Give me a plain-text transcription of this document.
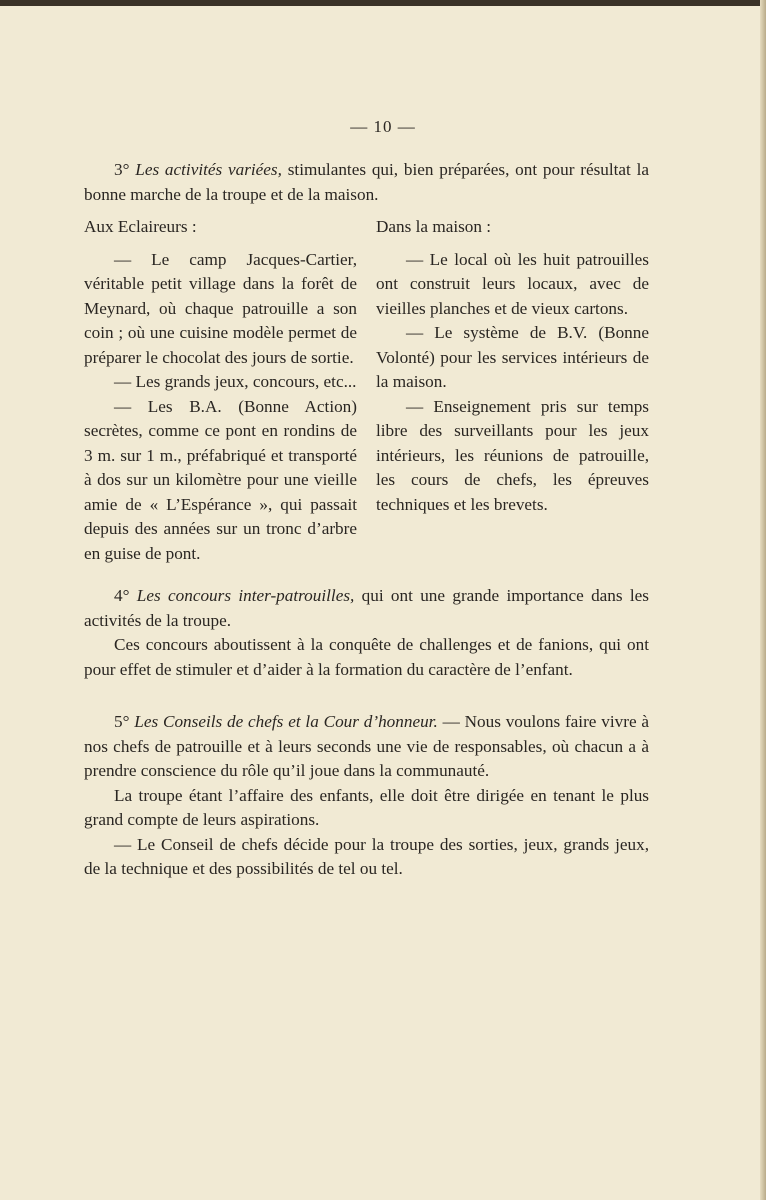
— 10 —

3° Les activités variées, stimulantes qui, bien préparées, ont pour résultat la bonne marche de la troupe et de la maison.

Aux Eclaireurs :

— Le camp Jacques-Cartier, véritable petit village dans la forêt de Meynard, où chaque patrouille a son coin ; où une cuisine modèle permet de préparer le chocolat des jours de sortie.

— Les grands jeux, concours, etc...

— Les B.A. (Bonne Action) secrètes, comme ce pont en rondins de 3 m. sur 1 m., préfabriqué et transporté à dos sur un kilomètre pour une vieille amie de « L’Espérance », qui passait depuis des années sur un tronc d’arbre en guise de pont.

Dans la maison :

— Le local où les huit patrouilles ont construit leurs locaux, avec de vieilles planches et de vieux cartons.

— Le système de B.V. (Bonne Volonté) pour les services intérieurs de la maison.

— Enseignement pris sur temps libre des surveillants pour les jeux intérieurs, les réunions de patrouille, les cours de chefs, les épreuves techniques et les brevets.

4° Les concours inter-patrouilles, qui ont une grande importance dans les activités de la troupe.

Ces concours aboutissent à la conquête de challenges et de fanions, qui ont pour effet de stimuler et d’aider à la formation du caractère de l’enfant.

5° Les Conseils de chefs et la Cour d’honneur. — Nous voulons faire vivre à nos chefs de patrouille et à leurs seconds une vie de responsables, où chacun a à prendre conscience du rôle qu’il joue dans la communauté.

La troupe étant l’affaire des enfants, elle doit être dirigée en tenant le plus grand compte de leurs aspirations.

— Le Conseil de chefs décide pour la troupe des sorties, jeux, grands jeux, de la technique et des possibilités de tel ou tel.
